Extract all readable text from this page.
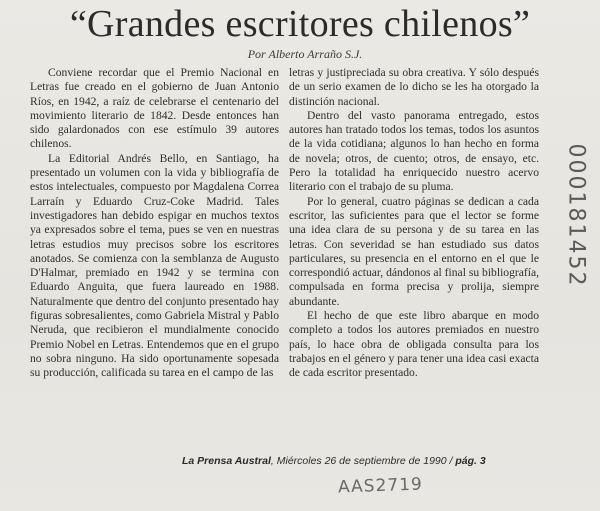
“Grandes escritores chilenos”
Por Alberto Arraño S.J.

Conviene recordar que el Premio Nacional en Letras fue creado en el gobierno de Juan Antonio Ríos, en 1942, a raíz de celebrarse el centenario del movimiento literario de 1842. Desde entonces han sido galardonados con ese estímulo 39 autores chilenos.

La Editorial Andrés Bello, en Santiago, ha presentado un volumen con la vida y bibliografía de estos intelectuales, compuesto por Magdalena Correa Larraín y Eduardo Cruz-Coke Madrid. Tales investigadores han debido espigar en muchos textos ya expresados sobre el tema, pues se ven en nuestras letras estudios muy precisos sobre los escritores anotados. Se comienza con la semblanza de Augusto D'Halmar, premiado en 1942 y se termina con Eduardo Anguita, que fuera laureado en 1988. Naturalmente que dentro del conjunto presentado hay figuras sobresalientes, como Gabriela Mistral y Pablo Neruda, que recibieron el mundialmente conocido Premio Nobel en Letras. Entendemos que en el grupo no sobra ninguno. Ha sido oportunamente sopesada su producción, calificada su tarea en el campo de las

letras y justipreciada su obra creativa. Y sólo después de un serio examen de lo dicho se les ha otorgado la distinción nacional.

Dentro del vasto panorama entregado, estos autores han tratado todos los temas, todos los asuntos de la vida cotidiana; algunos lo han hecho en forma de novela; otros, de cuento; otros, de ensayo, etc. Pero la totalidad ha enriquecido nuestro acervo literario con el trabajo de su pluma.

Por lo general, cuatro páginas se dedican a cada escritor, las suficientes para que el lector se forme una idea clara de su persona y de su tarea en las letras. Con severidad se han estudiado sus datos particulares, su presencia en el entorno en el que le correspondió actuar, dándonos al final su bibliografía, compulsada en forma precisa y prolija, siempre abundante.

El hecho de que este libro abarque en modo completo a todos los autores premiados en nuestro país, lo hace obra de obligada consulta para los trabajos en el género y para tener una idea casi exacta de cada escritor presentado.

La Prensa Austral, Miércoles 26 de septiembre de 1990 / pág. 3
000181452
AAS2719
